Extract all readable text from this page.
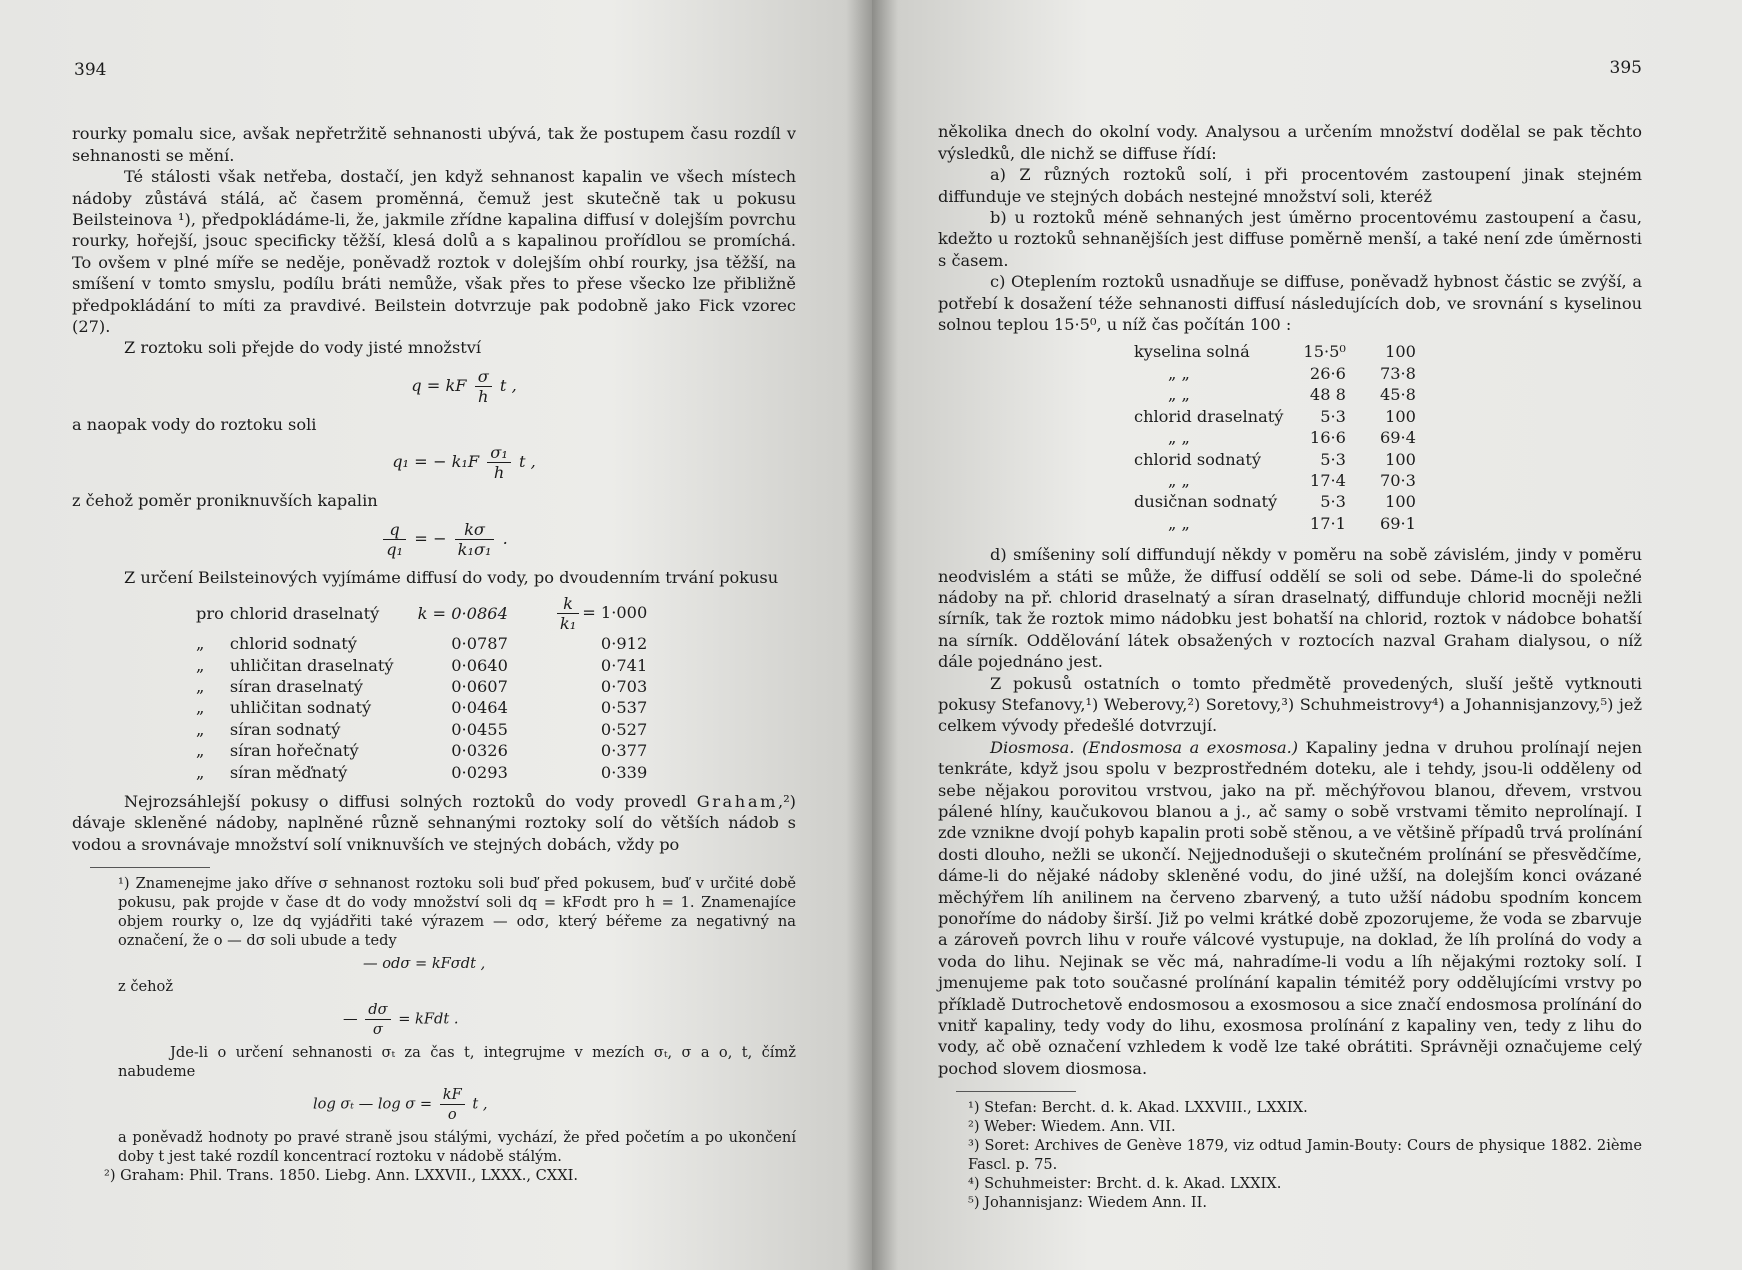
394

rourky pomalu sice, avšak nepřetržitě sehnanosti ubývá, tak že postupem času rozdíl v sehnanosti se mění.

Té stálosti však netřeba, dostačí, jen když sehnanost kapalin ve všech místech nádoby zůstává stálá, ač časem proměnná, čemuž jest skutečně tak u pokusu Beilsteinova ¹), předpokládáme-li, že, jakmile zřídne kapalina diffusí v dolejším povrchu rourky, hořejší, jsouc specificky těžší, klesá dolů a s kapalinou prořídlou se promíchá. To ovšem v plné míře se neděje, poněvadž roztok v dolejším ohbí rourky, jsa těžší, na smíšení v tomto smyslu, podílu bráti nemůže, však přes to přese všecko lze přibližně předpokládání to míti za pravdivé. Beilstein dotvrzuje pak podobně jako Fick vzorec (27).

Z roztoku soli přejde do vody jisté množství

q = kF $\frac{\sigma}{h}$ t ,

a naopak vody do roztoku soli

q₁ = − $k_1F \frac{\text{σ₁}}{h}$ t ,

z čehož poměr proniknuvších kapalin

$\frac{q}{\text{q₁}}$ = − $\frac{k\sigma}{\text{k₁σ₁}}$ .

Z určení Beilsteinových vyjímáme diffusí do vody, po dvoudenním trvání pokusu

pro	chlorid draselnatý	k = 0·0864	$\frac{k}{\text{k₁}} = 1\cdot 000$
„	chlorid sodnatý	0·0787	0·912
„	uhličitan draselnatý	0·0640	0·741
„	síran draselnatý	0·0607	0·703
„	uhličitan sodnatý	0·0464	0·537
„	síran sodnatý	0·0455	0·527
„	síran hořečnatý	0·0326	0·377
„	síran měďnatý	0·0293	0·339

Nejrozsáhlejší pokusy o diffusi solných roztoků do vody provedl Graham,²) dávaje skleněné nádoby, naplněné různě sehnanými roztoky solí do větších nádob s vodou a srovnávaje množství solí vniknuvších ve stejných dobách, vždy po

¹) Znamenejme jako dříve σ sehnanost roztoku soli buď před pokusem, buď v určité době pokusu, pak projde v čase dt do vody množství soli dq = kFσdt pro h = 1. Znamenajíce objem rourky o, lze dq vyjádřiti také výrazem — odσ, který béřeme za negativný na označení, že o — dσ soli ubude a tedy

— odσ = kFσdt ,

z čehož

— $\frac{d\sigma}{\sigma}$ = kFdt .

Jde-li o určení sehnanosti σₜ za čas t, integrujme v mezích σₜ, σ a o, t, čímž nabudeme

log σₜ — $\log \sigma = \frac{kF}{o}$ t ,

a poněvadž hodnoty po pravé straně jsou stálými, vychází, že před početím a po ukončení doby t jest také rozdíl koncentrací roztoku v nádobě stálým.

²) Graham: Phil. Trans. 1850. Liebg. Ann. LXXVII., LXXX., CXXI.

395

několika dnech do okolní vody. Analysou a určením množství dodělal se pak těchto výsledků, dle nichž se diffuse řídí:

a) Z různých roztoků solí, i při procentovém zastoupení jinak stejném diffunduje ve stejných dobách nestejné množství soli, kteréž

b) u roztoků méně sehnaných jest úměrno procentovému zastoupení a času, kdežto u roztoků sehnanějších jest diffuse poměrně menší, a také není zde úměrnosti s časem.

c) Oteplením roztoků usnadňuje se diffuse, poněvadž hybnost částic se zvýší, a potřebí k dosažení téže sehnanosti diffusí následujících dob, ve srovnání s kyselinou solnou teplou 15·5⁰, u níž čas počítán 100 :

kyselina solná	15·5⁰	100
„ „	26·6	73·8
„ „	48 8	45·8
chlorid draselnatý	5·3	100
„ „	16·6	69·4
chlorid sodnatý	5·3	100
„ „	17·4	70·3
dusičnan sodnatý	5·3	100
„ „	17·1	69·1

d) smíšeniny solí diffundují někdy v poměru na sobě závislém, jindy v poměru neodvislém a státi se může, že diffusí oddělí se soli od sebe. Dáme-li do společné nádoby na př. chlorid draselnatý a síran draselnatý, diffunduje chlorid mocněji nežli sírník, tak že roztok mimo nádobku jest bohatší na chlorid, roztok v nádobce bohatší na sírník. Oddělování látek obsažených v roztocích nazval Graham dialysou, o níž dále pojednáno jest.

Z pokusů ostatních o tomto předmětě provedených, sluší ještě vytknouti pokusy Stefanovy,¹) Weberovy,²) Soretovy,³) Schuhmeistrovy⁴) a Johannisjanzovy,⁵) jež celkem vývody předešlé dotvrzují.

Diosmosa. (Endosmosa a exosmosa.) Kapaliny jedna v druhou prolínají nejen tenkráte, když jsou spolu v bezprostředném doteku, ale i tehdy, jsou-li odděleny od sebe nějakou porovitou vrstvou, jako na př. měchýřovou blanou, dřevem, vrstvou pálené hlíny, kaučukovou blanou a j., ač samy o sobě vrstvami těmito neprolínají. I zde vznikne dvojí pohyb kapalin proti sobě stěnou, a ve většině případů trvá prolínání dosti dlouho, nežli se ukončí. Nejjednodušeji o skutečném prolínání se přesvědčíme, dáme-li do nějaké nádoby skleněné vodu, do jiné užší, na dolejším konci ovázané měchýřem líh anilinem na červeno zbarvený, a tuto užší nádobu spodním koncem ponoříme do nádoby širší. Již po velmi krátké době zpozorujeme, že voda se zbarvuje a zároveň povrch lihu v rouře válcové vystupuje, na doklad, že líh prolíná do vody a voda do lihu. Nejinak se věc má, nahradíme-li vodu a líh nějakými roztoky solí. I jmenujeme pak toto současné prolínání kapalin témitéž pory oddělujícími vrstvy po příkladě Dutrochetově endosmosou a exosmosou a sice značí endosmosa prolínání do vnitř kapaliny, tedy vody do lihu, exosmosa prolínání z kapaliny ven, tedy z lihu do vody, ač obě označení vzhledem k vodě lze také obrátiti. Správněji označujeme celý pochod slovem diosmosa.

¹) Stefan: Bercht. d. k. Akad. LXXVIII., LXXIX.

²) Weber: Wiedem. Ann. VII.

³) Soret: Archives de Genève 1879, viz odtud Jamin-Bouty: Cours de physique 1882. 2ième Fascl. p. 75.

⁴) Schuhmeister: Brcht. d. k. Akad. LXXIX.

⁵) Johannisjanz: Wiedem Ann. II.
